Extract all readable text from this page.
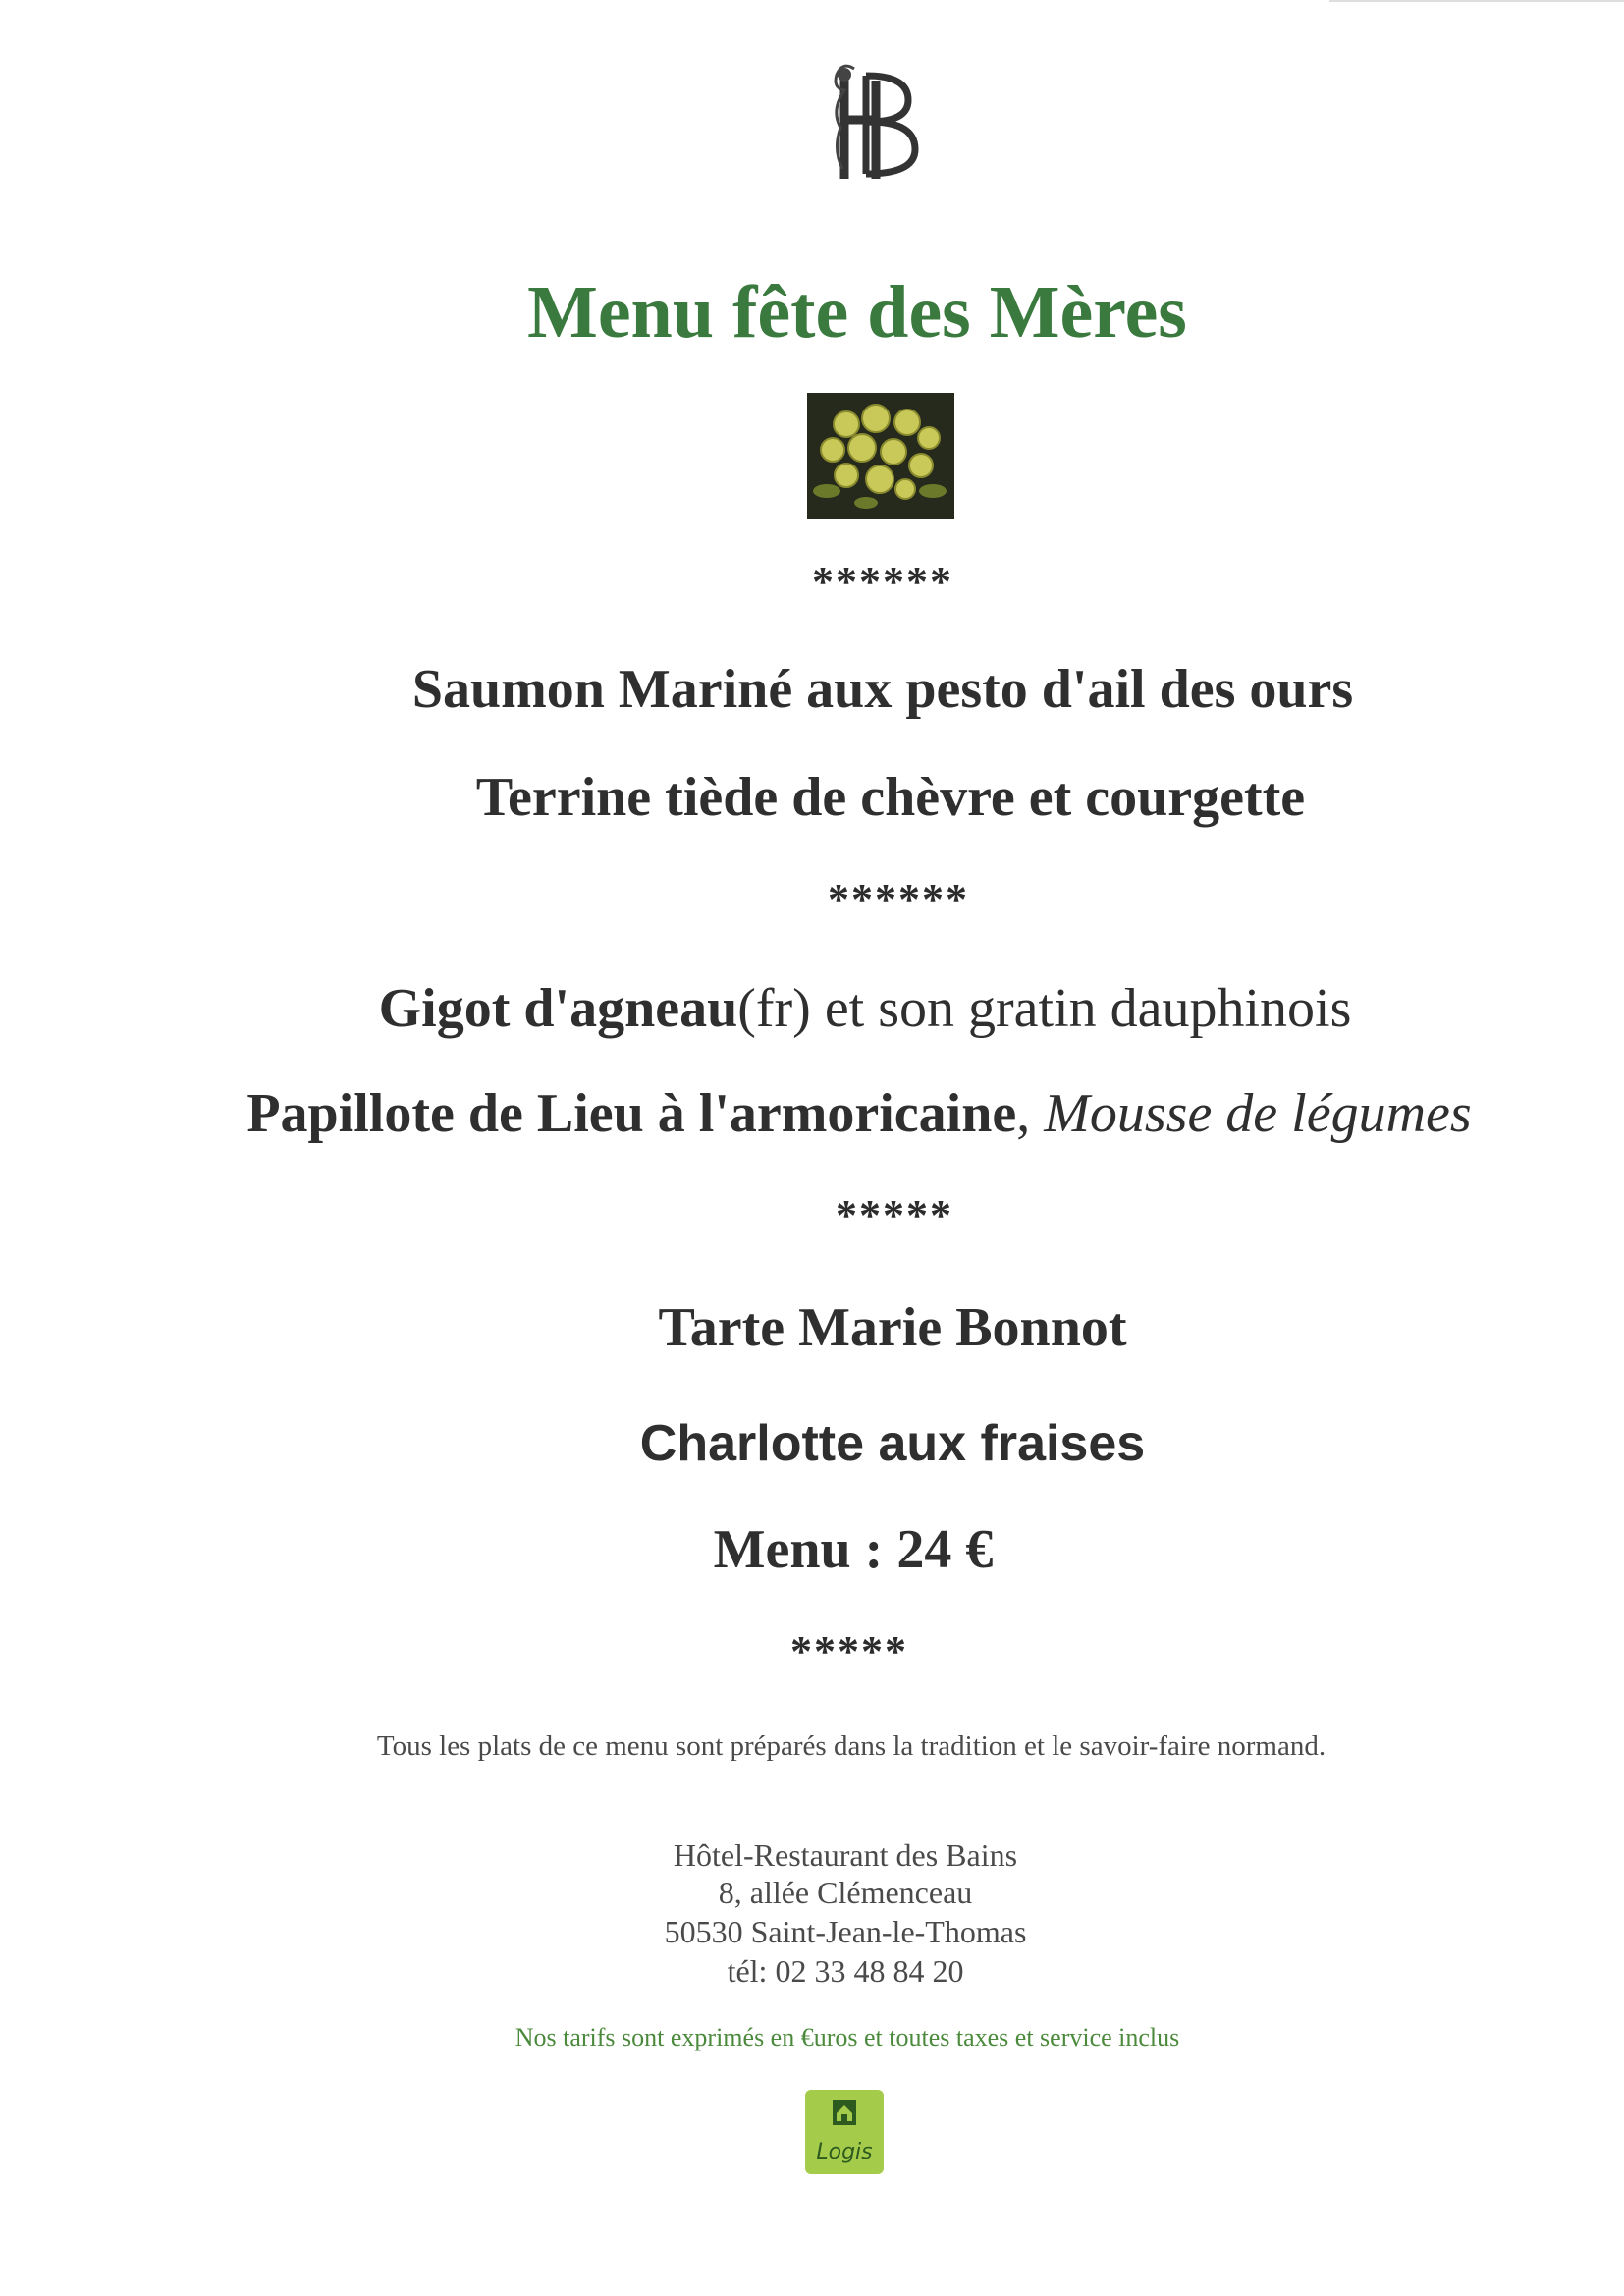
Menu fête des Mères
******
Saumon Mariné aux pesto d'ail des ours
Terrine tiède de chèvre et courgette
******
Gigot d'agneau(fr) et son gratin dauphinois
Papillote de Lieu à l'armoricaine, Mousse de légumes
*****
Tarte Marie Bonnot
Charlotte aux fraises
Menu : 24 €
*****
Tous les plats de ce menu sont préparés dans la tradition et le savoir-faire normand.
Hôtel-Restaurant des Bains
8, allée Clémenceau
50530 Saint-Jean-le-Thomas
tél: 02 33 48 84 20
Nos tarifs sont exprimés en €uros et toutes taxes et service inclus
Logis
